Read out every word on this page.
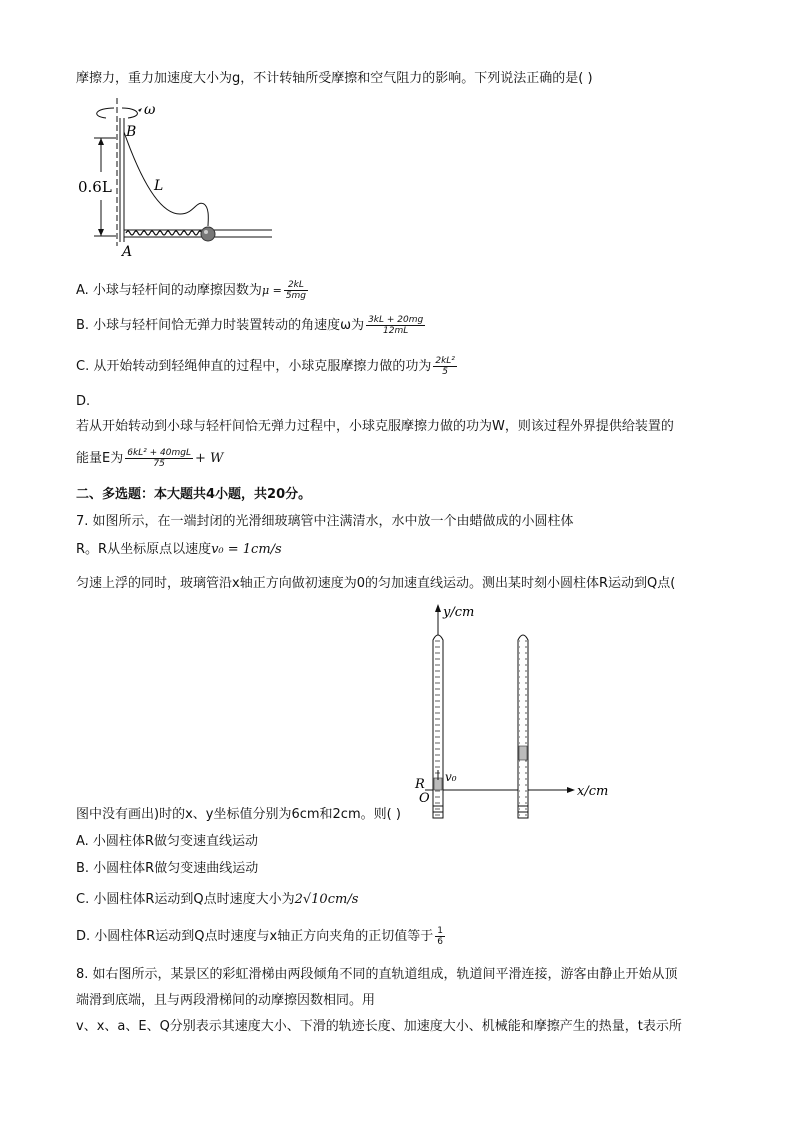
摩擦力，重力加速度大小为g，不计转轴所受摩擦和空气阻力的影响。下列说法正确的是( )
ω
B
L
0.6L
A
A. 小球与轻杆间的动摩擦因数为$\mu = \frac{2kL}{5mg}$
B. 小球与轻杆间恰无弹力时装置转动的角速度ω为 $\frac{3kL + 20mg}{12mL}$
C. 从开始转动到轻绳伸直的过程中，小球克服摩擦力做的功为 $\frac{\text{2kL²}}{5}$
D.
若从开始转动到小球与轻杆间恰无弹力过程中，小球克服摩擦力做的功为W，则该过程外界提供给装置的
能量E为 $\frac{\text{6kL² + 40mgL}}{75} + W$
二、多选题：本大题共4小题，共20分。
7. 如图所示，在一端封闭的光滑细玻璃管中注满清水，水中放一个由蜡做成的小圆柱体
R。R从坐标原点以速度v₀ = 1cm/s
匀速上浮的同时，玻璃管沿x轴正方向做初速度为0的匀加速直线运动。测出某时刻小圆柱体R运动到Q点(
y/cm
x/cm
v₀
R
O
图中没有画出)时的x、y坐标值分别为6cm和2cm。则( )
A. 小圆柱体R做匀变速直线运动
B. 小圆柱体R做匀变速曲线运动
C. 小圆柱体R运动到Q点时速度大小为2√10cm/s
D. 小圆柱体R运动到Q点时速度与x轴正方向夹角的正切值等于 $\frac{1}{6}$
8. 如右图所示，某景区的彩虹滑梯由两段倾角不同的直轨道组成，轨道间平滑连接，游客由静止开始从顶
端滑到底端，且与两段滑梯间的动摩擦因数相同。用
v、x、a、E、Q分别表示其速度大小、下滑的轨迹长度、加速度大小、机械能和摩擦产生的热量，t表示所
